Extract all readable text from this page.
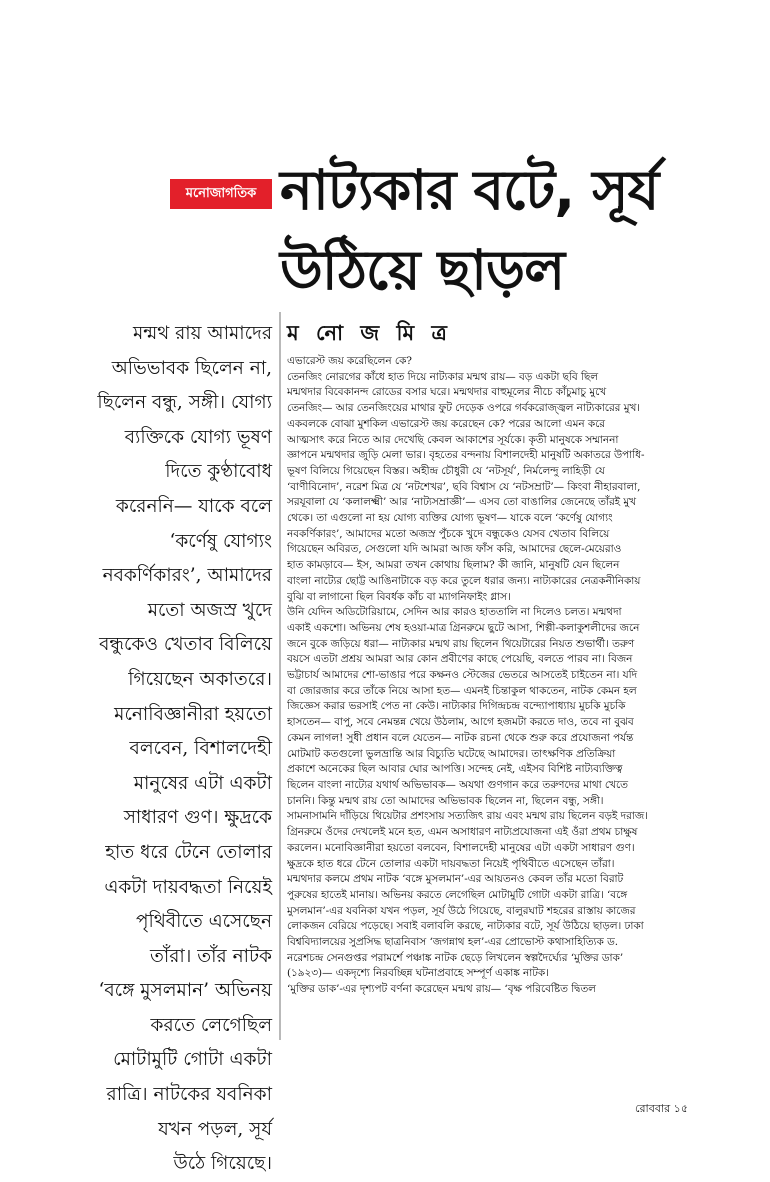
মনোজাগতিক নাট্যকার বটে, সূর্য
উঠিয়ে ছাড়ল
মন্মথ রায় আমাদের
অভিভাবক ছিলেন না,
ছিলেন বন্ধু, সঙ্গী। যোগ্য
ব্যক্তিকে যোগ্য ভূষণ
দিতে কুণ্ঠাবোধ
করেননি— যাকে বলে
‘কর্ণেষু যোগ্যং
নবকর্ণিকারং’, আমাদের
মতো অজস্র খুদে
বন্ধুকেও খেতাব বিলিয়ে
গিয়েছেন অকাতরে।
মনোবিজ্ঞানীরা হয়তো
বলবেন, বিশালদেহী
মানুষের এটা একটা
সাধারণ গুণ। ক্ষুদ্রকে
হাত ধরে টেনে তোলার
একটা দায়বদ্ধতা নিয়েই
পৃথিবীতে এসেছেন
তাঁরা। তাঁর নাটক
‘বঙ্গে মুসলমান’ অভিনয়
করতে লেগেছিল
মোটামুটি গোটা একটা
রাত্রি। নাটকের যবনিকা
যখন পড়ল, সূর্য
উঠে গিয়েছে।
ম নো জ মি ত্র
এভারেস্ট জয় করেছিলেন কে?
তেনজিং নোরগের কাঁধে হাত দিয়ে নাট্যকার মন্মথ রায়— বড় একটা ছবি ছিল
মন্মথদার বিবেকানন্দ রোডের বসার ঘরে। মন্মথদার বাহুমূলের নীচে কাঁচুমাচু মুখে
তেনজিং— আর তেনজিংয়ের মাথার ফুট দেড়েক ওপরে গর্বকরোজ্জ্বল নাট্যকারের মুখ।
একবলকে বোঝা মুশকিল এভারেস্ট জয় করেছেন কে? পরের আলো এমন করে
আত্মসাৎ করে নিতে আর দেখেছি কেবল আকাশের সূর্যকে। কৃতী মানুষকে সম্মাননা
জ্ঞাপনে মন্মথদার জুড়ি মেলা ভার। বৃহতের বন্দনায় বিশালদেহী মানুষটি অকাতরে উপাধি-
ভূষণ বিলিয়ে গিয়েছেন বিস্তর। অহীন্দ্র চৌধুরী যে ‘নটসূর্য’, নির্মলেন্দু লাহিড়ী যে
‘বাণীবিনোদ’, নরেশ মিত্র যে ‘নটশেখর’, ছবি বিশ্বাস যে ‘নটসম্রাট’— কিংবা নীহারবালা,
সরযূবালা যে ‘কলালক্ষ্মী’ আর ‘নাট্যসম্রাজ্ঞী’— এসব তো বাঙালির জেনেছে তাঁরই মুখ
থেকে। তা এগুলো না হয় যোগ্য ব্যক্তির যোগ্য ভূষণ— যাকে বলে ‘কর্ণেষু যোগ্যং
নবকর্ণিকারং’, আমাদের মতো অজস্র পুঁচকে খুদে বন্ধুকেও যেসব খেতাব বিলিয়ে
গিয়েছেন অবিরত, সেগুলো যদি আমরা আজ ফাঁস করি, আমাদের ছেলে-মেয়েরাও
হাত কামড়াবে— ইস, আমরা তখন কোথায় ছিলাম? কী জানি, মানুষটি যেন ছিলেন
বাংলা নাট্যের ছোট্ট আঙিনাটাকে বড় করে তুলে ধরার জন্য। নাট্যকারের নেত্রকনীনিকায়
বুঝি বা লাগানো ছিল বিবর্ধক কাঁচ বা ম্যাগনিফাইং গ্লাস।
উনি যেদিন অডিটোরিয়ামে, সেদিন আর কারও হাততালি না দিলেও চলত। মন্মথদা
একাই একশো। অভিনয় শেষ হওয়া-মাত্র গ্রিনরুমে ছুটে আসা, শিল্পী-কলাকুশলীদের জনে
জনে বুকে জড়িয়ে ধরা— নাট্যকার মন্মথ রায় ছিলেন থিয়েটারের নিয়ত শুভার্থী। তরুণ
বয়সে এতটা প্রশ্রয় আমরা আর কোন প্রবীণের কাছে পেয়েছি, বলতে পারব না। বিজন
ভট্টাচার্য আমাদের শো-ভাঙার পরে কক্ষনও স্টেজের ভেতরে আসতেই চাইতেন না। যদি
বা জোরজার করে তাঁকে নিয়ে আসা হত— এমনই চিন্তাকুল থাকতেন, নাটক কেমন হল
জিজ্ঞেস করার ভরসাই পেত না কেউ। নাট্যকার দিগিন্দ্রচন্দ্র বন্দ্যোপাধ্যায় মুচকি মুচকি
হাসতেন— বাপু, সবে নেমন্তন্ন খেয়ে উঠলাম, আগে হজমটা করতে দাও, তবে না বুঝব
কেমন লাগল! সুধী প্রধান বলে যেতেন— নাটক রচনা থেকে শুরু করে প্রযোজনা পর্যন্ত
মোটমাট কতগুলো ভুলভ্রান্তি আর বিচ্যুতি ঘটেছে আমাদের। তাৎক্ষণিক প্রতিক্রিয়া
প্রকাশে অনেকের ছিল আবার ঘোর আপত্তি। সন্দেহ নেই, এইসব বিশিষ্ট নাট্যব্যক্তিত্ব
ছিলেন বাংলা নাট্যের যথার্থ অভিভাবক— অযথা গুণগান করে তরুণদের মাথা খেতে
চাননি। কিন্তু মন্মথ রায় তো আমাদের অভিভাবক ছিলেন না, ছিলেন বন্ধু, সঙ্গী।
সামনাসামনি দাঁড়িয়ে থিয়েটার প্রশংসায় সত্যজিৎ রায় এবং মন্মথ রায় ছিলেন বড়ই দরাজ।
গ্রিনরুমে ওঁদের দেখলেই মনে হত, এমন অসাধারণ নাট্যপ্রযোজনা এই ওঁরা প্রথম চাক্ষুষ
করলেন। মনোবিজ্ঞানীরা হয়তো বলবেন, বিশালদেহী মানুষের এটা একটা সাধারণ গুণ।
ক্ষুদ্রকে হাত ধরে টেনে তোলার একটা দায়বদ্ধতা নিয়েই পৃথিবীতে এসেছেন তাঁরা।
মন্মথদার কলমে প্রথম নাটক ‘বঙ্গে মুসলমান’-এর আয়তনও কেবল তাঁর মতো বিরাট
পুরুষের হাতেই মানায়। অভিনয় করতে লেগেছিল মোটামুটি গোটা একটা রাত্রি। ‘বঙ্গে
মুসলমান’-এর যবনিকা যখন পড়ল, সূর্য উঠে গিয়েছে, বালুরঘাট শহরের রাস্তায় কাজের
লোকজন বেরিয়ে পড়েছে। সবাই বলাবলি করছে, নাট্যকার বটে, সূর্য উঠিয়ে ছাড়ল। ঢাকা
বিশ্ববিদ্যালয়ের সুপ্রসিদ্ধ ছাত্রনিবাস ‘জগন্নাথ হল’-এর প্রোভোস্ট কথাসাহিত্যিক ড.
নরেশচন্দ্র সেনগুপ্তর পরামর্শে পঞ্চাঙ্ক নাটক ছেড়ে লিখলেন স্বল্পদৈর্ঘ্যের ‘মুক্তির ডাক’
(১৯২৩)— একদৃশ্যে নিরবচ্ছিন্ন ঘটনাপ্রবাহে সম্পূর্ণ একাঙ্ক নাটক।
‘মুক্তির ডাক’-এর দৃশ্যপট বর্ণনা করেছেন মন্মথ রায়— ‘বৃক্ষ পরিবেষ্টিত দ্বিতল
রোববার ১৫
